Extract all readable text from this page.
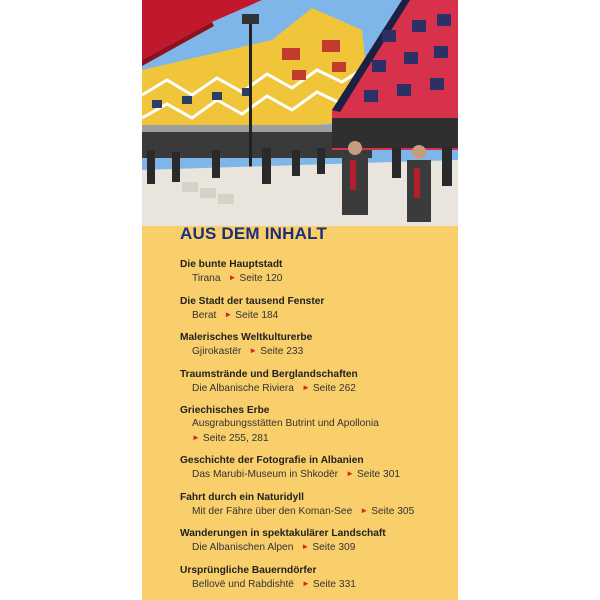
AUS DEM INHALT
Die bunte Hauptstadt
Tirana ► Seite 120
Die Stadt der tausend Fenster
Berat ► Seite 184
Malerisches Weltkulturerbe
Gjirokastër ► Seite 233
Traumstrände und Berglandschaften
Die Albanische Riviera ► Seite 262
Griechisches Erbe
Ausgrabungsstätten Butrint und Apollonia
► Seite 255, 281
Geschichte der Fotografie in Albanien
Das Marubi-Museum in Shkodër ► Seite 301
Fahrt durch ein Naturidyll
Mit der Fähre über den Koman-See ► Seite 305
Wanderungen in spektakulärer Landschaft
Die Albanischen Alpen ► Seite 309
Ursprüngliche Bauerndörfer
Bellovë und Rabdishtë ► Seite 331
